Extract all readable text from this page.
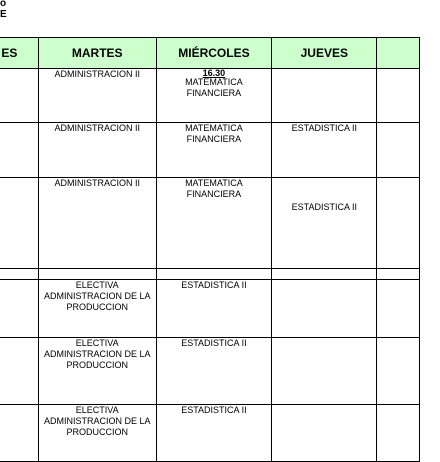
o
E
ES	MARTES	MIÉRCOLES	JUEVES	
	ADMINISTRACION II	16.30
MATEMATICA FINANCIERA		

	ADMINISTRACION II	MATEMATICA FINANCIERA	ESTADISTICA II	
	ADMINISTRACION II	MATEMATICA FINANCIERA	ESTADISTICA II	

	ELECTIVA ADMINISTRACION DE LA PRODUCCION	ESTADISTICA II		

	ELECTIVA ADMINISTRACION DE LA PRODUCCION	ESTADISTICA II		

	ELECTIVA ADMINISTRACION DE LA PRODUCCION	ESTADISTICA II		
